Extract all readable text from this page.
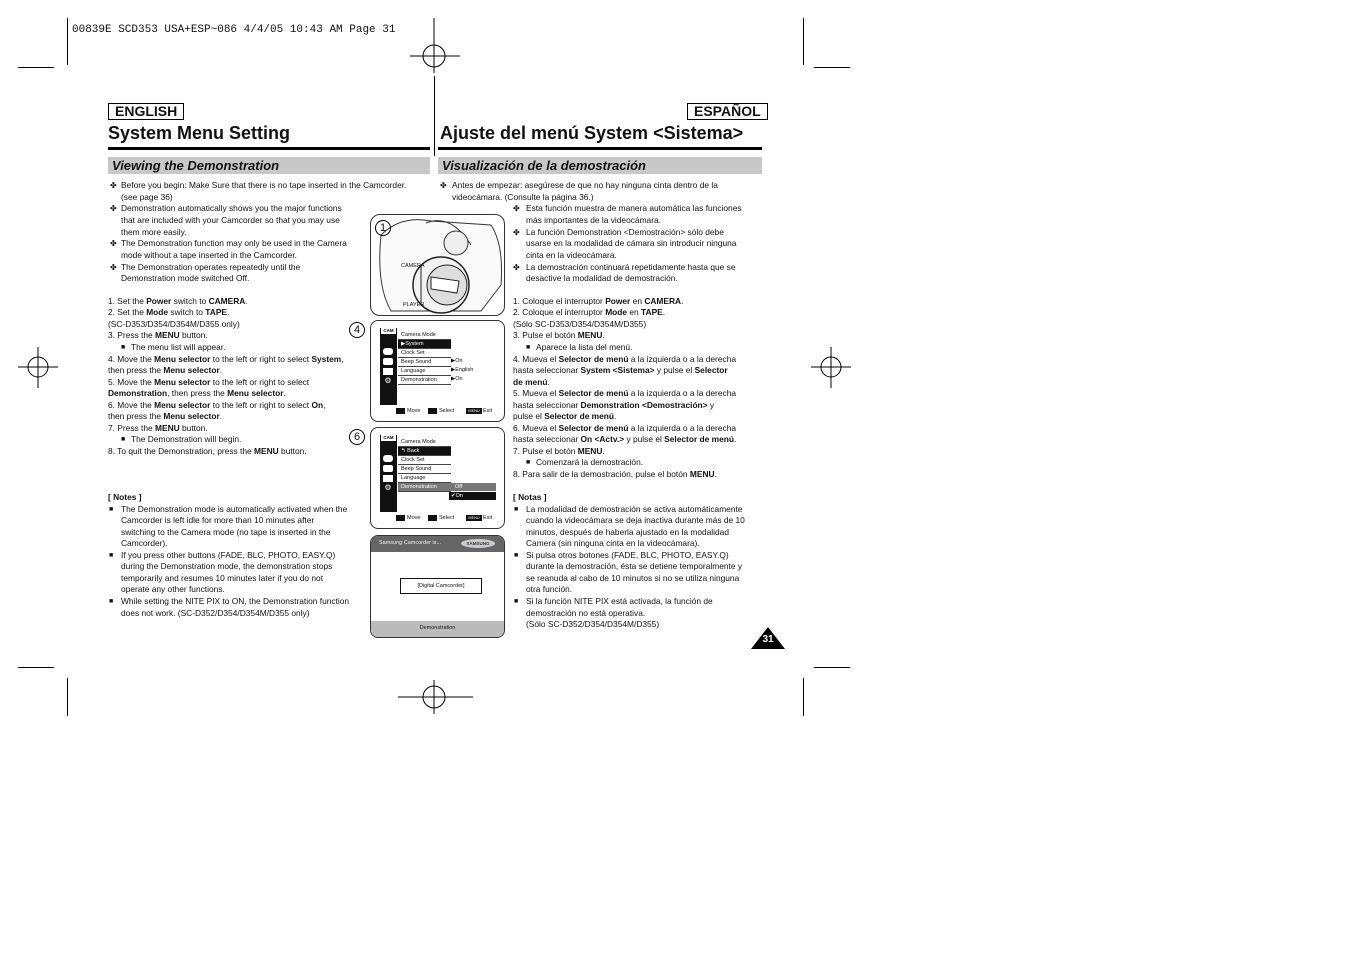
00839E SCD353 USA+ESP~086 4/4/05 10:43 AM Page 31
ENGLISH	ESPAÑOL
System Menu Setting	Ajuste del menú System <Sistema>
Viewing the Demonstration	Visualización de la demostración
✤ Before you begin: Make Sure that there is no tape inserted in the Camcorder.
(see page 36)
✤ Demonstration automatically shows you the major functions
that are included with your Camcorder so that you may use
them more easily.
✤ The Demonstration function may only be used in the Camera
mode without a tape inserted in the Camcorder.
✤ The Demonstration operates repeatedly until the
Demonstration mode switched Off.
1. Set the Power switch to CAMERA.
2. Set the Mode switch to TAPE.
(SC-D353/D354/D354M/D355 only)
3. Press the MENU button.
■ The menu list will appear.
4. Move the Menu selector to the left or right to select System,
then press the Menu selector.
5. Move the Menu selector to the left or right to select
Demonstration, then press the Menu selector.
6. Move the Menu selector to the left or right to select On,
then press the Menu selector.
7. Press the MENU button.
■ The Demonstration will begin.
8. To quit the Demonstration, press the MENU button.
[ Notes ]
■ The Demonstration mode is automatically activated when the
Camcorder is left idle for more than 10 minutes after
switching to the Camera mode (no tape is inserted in the
Camcorder).
■ If you press other buttons (FADE, BLC, PHOTO, EASY.Q)
during the Demonstration mode, the demonstration stops
temporarily and resumes 10 minutes later if you do not
operate any other functions.
■ While setting the NITE PIX to ON, the Demonstration function
does not work. (SC-D352/D354/D354M/D355 only)
✤ Antes de empezar: asegúrese de que no hay ninguna cinta dentro de la
videocámara. (Consulte la página 36.)
✤ Esta función muestra de manera automática las funciones
más importantes de la videocámara.
✤ La función Demonstration <Demostración> sólo debe
usarse en la modalidad de cámara sin introducir ninguna
cinta en la videocámara.
✤ La demostración continuará repetidamente hasta que se
desactive la modalidad de demostración.
1. Coloque el interruptor Power en CAMERA.
2. Coloque el interruptor Mode en TAPE.
(Sólo SC-D353/D354/D354M/D355)
3. Pulse el botón MENU.
■ Aparece la lista del menú.
4. Mueva el Selector de menú a la izquierda o a la derecha
hasta seleccionar System <Sistema> y pulse el Selector
de menú.
5. Mueva el Selector de menú a la izquierda o a la derecha
hasta seleccionar Demonstration <Demostración> y
pulse el Selector de menú.
6. Mueva el Selector de menú a la izquierda o a la derecha
hasta seleccionar On <Actv.> y pulse el Selector de menú.
7. Pulse el botón MENU.
■ Comenzará la demostración.
8. Para salir de la demostración, pulse el botón MENU.
[ Notas ]
■ La modalidad de demostración se activa automáticamente
cuando la videocámara se deja inactiva durante más de 10
minutos, después de haberla ajustado en la modalidad
Camera (sin ninguna cinta en la videocámara).
■ Si pulsa otros botones (FADE, BLC, PHOTO, EASY.Q)
durante la demostración, ésta se detiene temporalmente y
se reanuda al cabo de 10 minutos si no se utiliza ninguna
otra función.
■ Si la función NITE PIX está activada, la función de
demostración no está operativa.
(Sólo SC-D352/D354/D354M/D355)
1
CAMERA
PLAYER
4	CAM
⚙
Camera Mode
▶System
Clock Set
Beep Sound
Language
Demonstration
▶On
▶English
▶On
Move	Select	MENU Exit
6	CAM
⚙
Camera Mode
↰ Back
Clock Set
Beep Sound
Language
Demonstration	Off
✔On
Move	Select	MENU Exit
Samsung Camcorder is...	SAMSUNG
[Digital Camcorder]
Demonstration
31
